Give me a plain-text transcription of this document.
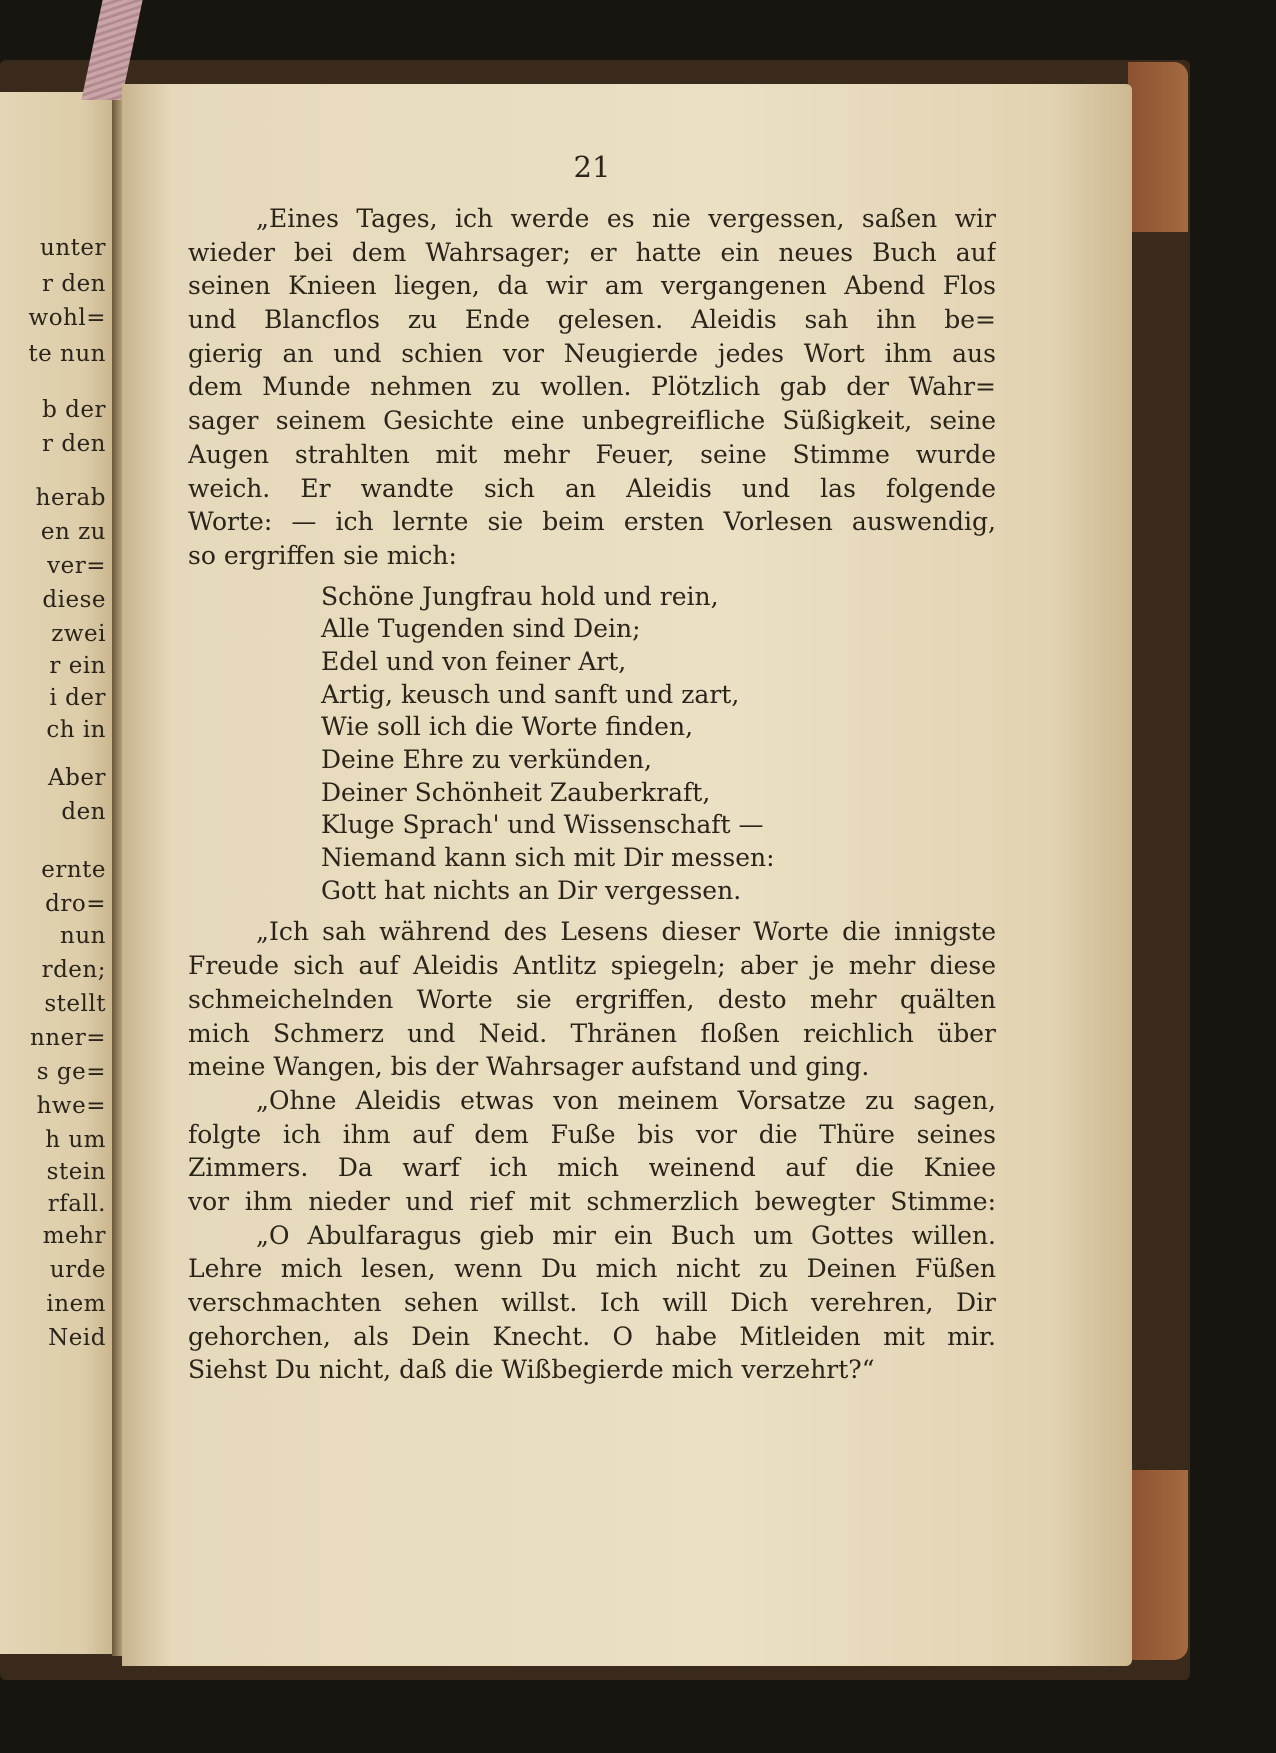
unter
r den
wohl=
te nun
b der
r den
herab
en zu
ver=
diese
zwei
r ein
i der
ch in
Aber
den
ernte
dro=
nun
rden;
stellt
nner=
s ge=
hwe=
h um
stein
rfall.
mehr
urde
inem
Neid
21
„Eines Tages, ich werde es nie vergessen, saßen wir
wieder bei dem Wahrsager; er hatte ein neues Buch auf
seinen Knieen liegen, da wir am vergangenen Abend Flos
und Blancflos zu Ende gelesen. Aleidis sah ihn be=
gierig an und schien vor Neugierde jedes Wort ihm aus
dem Munde nehmen zu wollen. Plötzlich gab der Wahr=
sager seinem Gesichte eine unbegreifliche Süßigkeit, seine
Augen strahlten mit mehr Feuer, seine Stimme wurde
weich. Er wandte sich an Aleidis und las folgende
Worte: — ich lernte sie beim ersten Vorlesen auswendig,
so ergriffen sie mich:
Schöne Jungfrau hold und rein,
Alle Tugenden sind Dein;
Edel und von feiner Art,
Artig, keusch und sanft und zart,
Wie soll ich die Worte finden,
Deine Ehre zu verkünden,
Deiner Schönheit Zauberkraft,
Kluge Sprach' und Wissenschaft —
Niemand kann sich mit Dir messen:
Gott hat nichts an Dir vergessen.
„Ich sah während des Lesens dieser Worte die innigste
Freude sich auf Aleidis Antlitz spiegeln; aber je mehr diese
schmeichelnden Worte sie ergriffen, desto mehr quälten
mich Schmerz und Neid. Thränen floßen reichlich über
meine Wangen, bis der Wahrsager aufstand und ging.
„Ohne Aleidis etwas von meinem Vorsatze zu sagen,
folgte ich ihm auf dem Fuße bis vor die Thüre seines
Zimmers. Da warf ich mich weinend auf die Kniee
vor ihm nieder und rief mit schmerzlich bewegter Stimme:
„O Abulfaragus gieb mir ein Buch um Gottes willen.
Lehre mich lesen, wenn Du mich nicht zu Deinen Füßen
verschmachten sehen willst. Ich will Dich verehren, Dir
gehorchen, als Dein Knecht. O habe Mitleiden mit mir.
Siehst Du nicht, daß die Wißbegierde mich verzehrt?“
